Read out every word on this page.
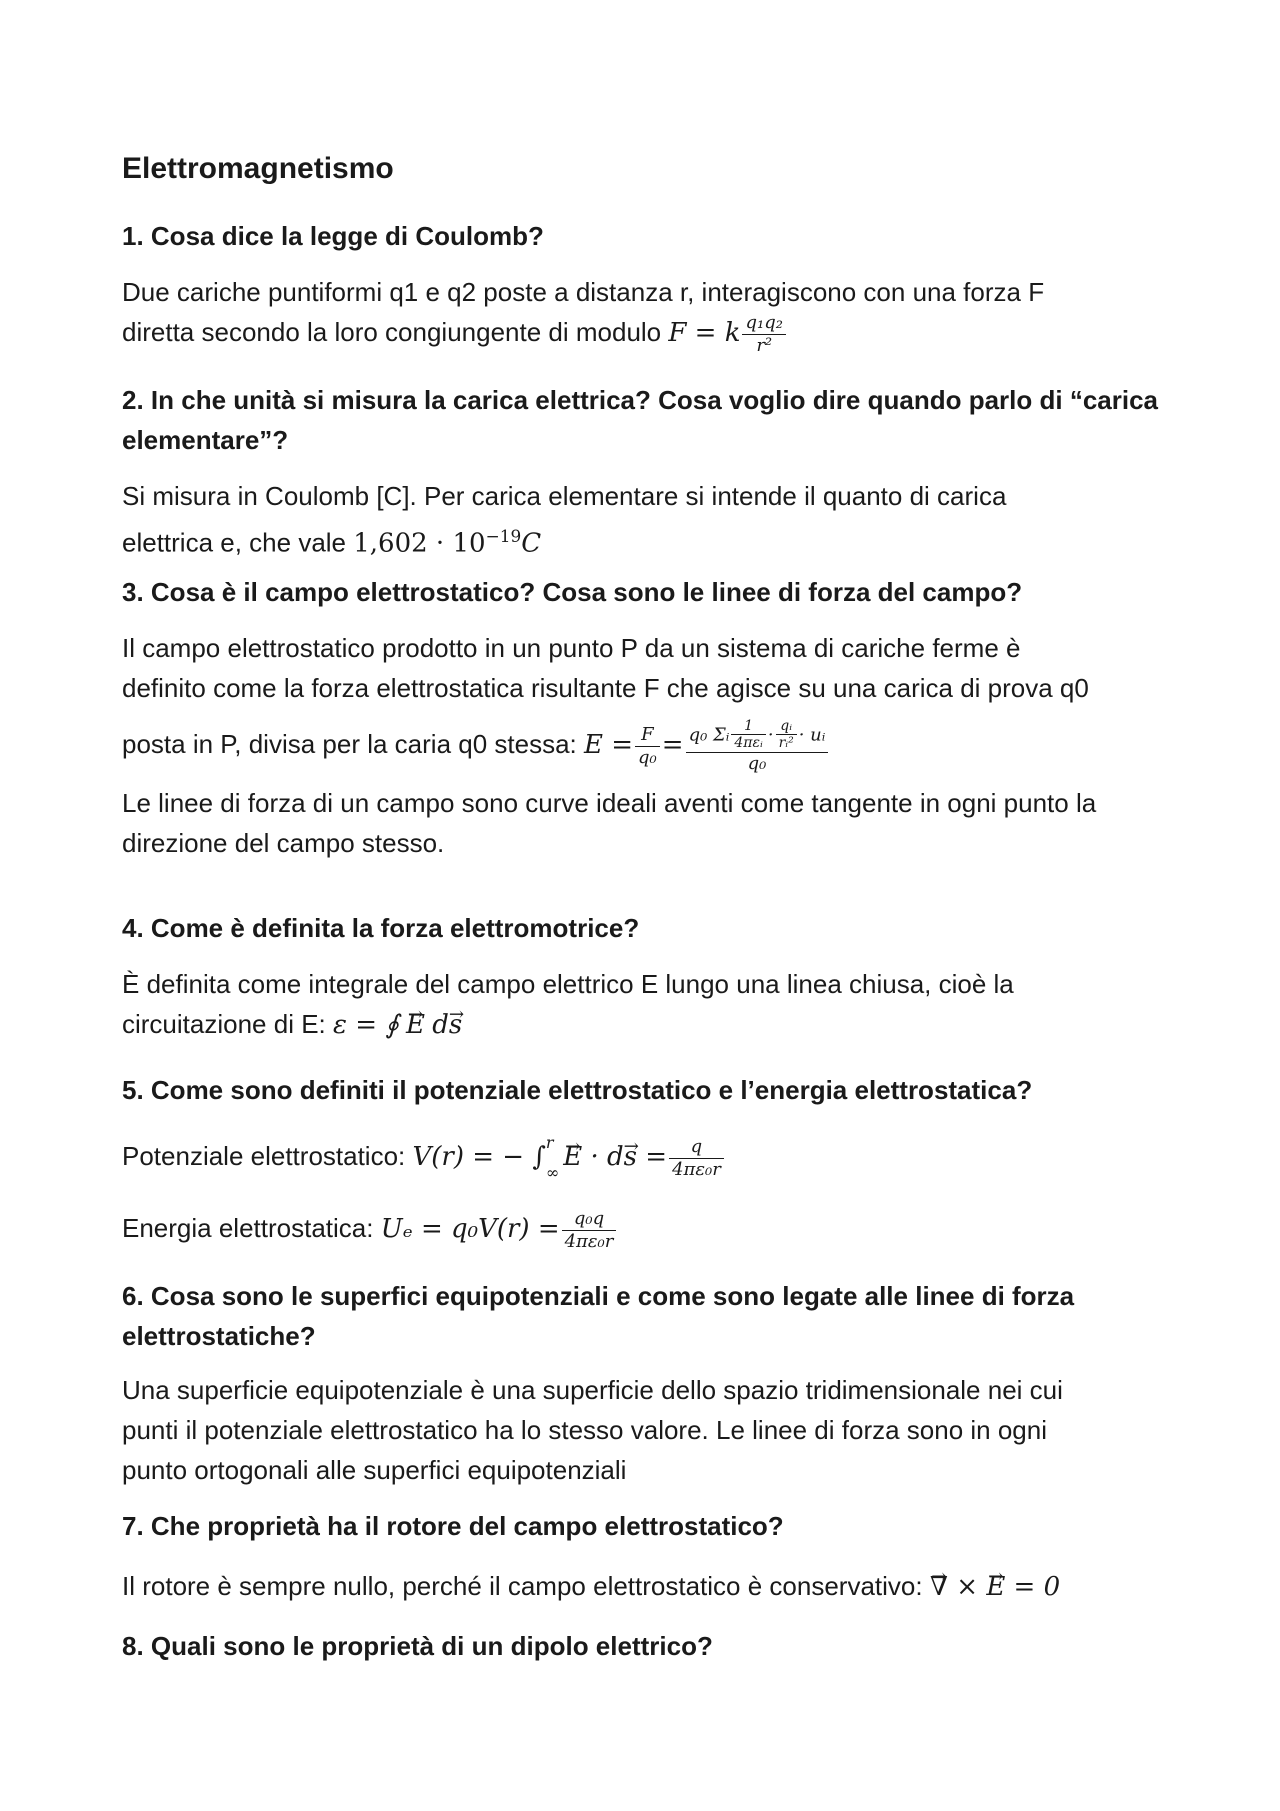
Elettromagnetismo
1. Cosa dice la legge di Coulomb?
Due cariche puntiformi q1 e q2 poste a distanza r, interagiscono con una forza F
diretta secondo la loro congiungente di modulo F = k $\frac{\text{q₁q₂}}{\text{r²}}$
2. In che unità si misura la carica elettrica? Cosa voglio dire quando parlo di “carica elementare”?
Si misura in Coulomb [C]. Per carica elementare si intende il quanto di carica
elettrica e, che vale $1,602 \cdot 10^{-19}C$
3. Cosa è il campo elettrostatico? Cosa sono le linee di forza del campo?
Il campo elettrostatico prodotto in un punto P da un sistema di cariche ferme è
definito come la forza elettrostatica risultante F che agisce su una carica di prova q0
posta in P, divisa per la caria q0 stessa: $E = \frac{F}{\text{q₀}} = \frac{q_0 \Sigma ᵢ \frac{1}{\text{4πεᵢ}} \cdot \frac{\text{qᵢ}}{\text{rᵢ²}} \cdot uᵢ}{\text{q₀}}$
Le linee di forza di un campo sono curve ideali aventi come tangente in ogni punto la
direzione del campo stesso.
4. Come è definita la forza elettromotrice?
È definita come integrale del campo elettrico E lungo una linea chiusa, cioè la
circuitazione di E: ε = ∮ → E d→ s
5. Come sono definiti il potenziale elettrostatico e l’energia elettrostatica?
Potenziale elettrostatico: V(r) = − ∫ r
∞
→ $E \cdot d\to s = \frac{q}{\text{4πε₀r}}$
Energia elettrostatica: $U_e = q_0V(r) = \frac{\text{q₀q}}{\text{4πε₀r}}$
6. Cosa sono le superfici equipotenziali e come sono legate alle linee di forza elettrostatiche?
Una superficie equipotenziale è una superficie dello spazio tridimensionale nei cui
punti il potenziale elettrostatico ha lo stesso valore. Le linee di forza sono in ogni
punto ortogonali alle superfici equipotenziali
7. Che proprietà ha il rotore del campo elettrostatico?
Il rotore è sempre nullo, perché il campo elettrostatico è conservativo: → ∇ × → E = 0
8. Quali sono le proprietà di un dipolo elettrico?
